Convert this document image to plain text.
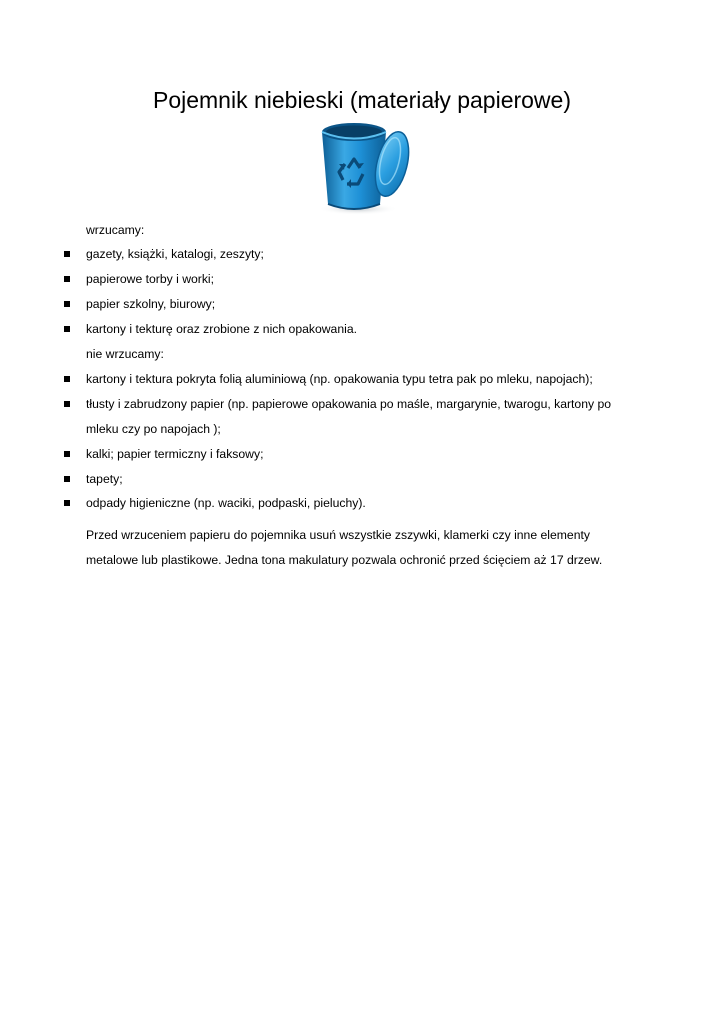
Pojemnik niebieski (materiały papierowe)
wrzucamy:
gazety, książki, katalogi, zeszyty;
papierowe torby i worki;
papier szkolny, biurowy;
kartony i tekturę oraz zrobione z nich opakowania.
nie wrzucamy:
kartony i tektura pokryta folią aluminiową (np. opakowania typu tetra pak po mleku, napojach);
tłusty i zabrudzony papier (np. papierowe opakowania po maśle, margarynie, twarogu, kartony po
mleku czy po napojach );
kalki; papier termiczny i faksowy;
tapety;
odpady higieniczne (np. waciki, podpaski, pieluchy).
Przed wrzuceniem papieru do pojemnika usuń wszystkie zszywki, klamerki czy inne elementy
metalowe lub plastikowe. Jedna tona makulatury pozwala ochronić przed ścięciem aż 17 drzew.
